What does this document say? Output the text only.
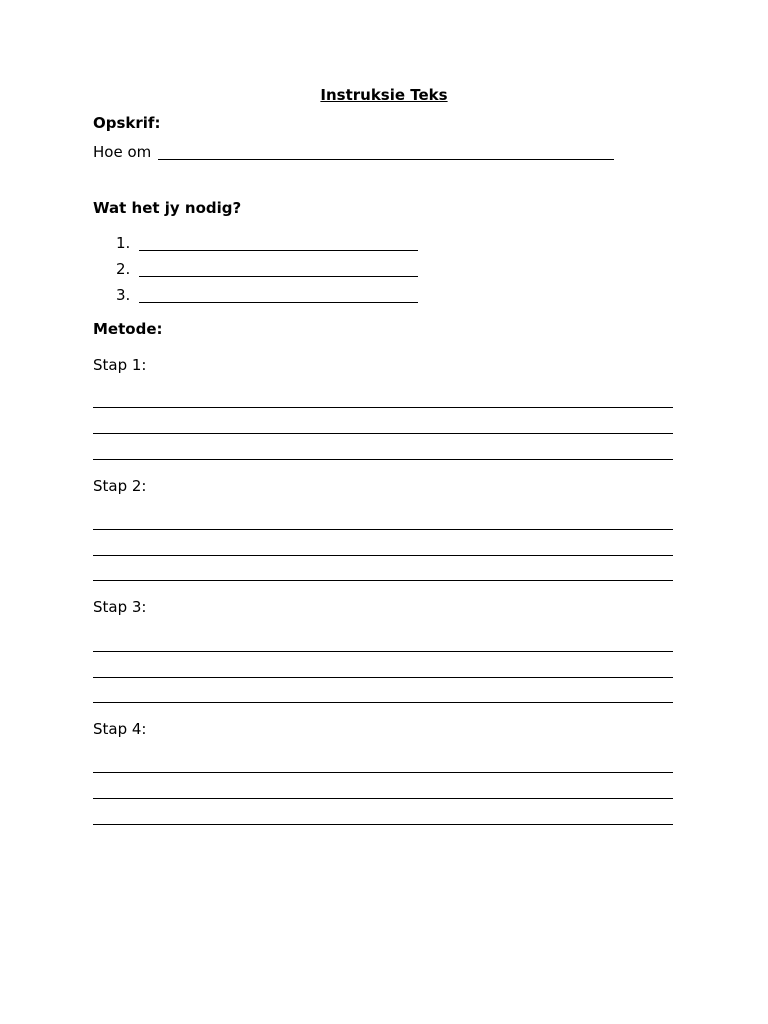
Instruksie Teks
Opskrif:
Hoe om
Wat het jy nodig?
1.
2.
3.
Metode:
Stap 1:
Stap 2:
Stap 3:
Stap 4:
